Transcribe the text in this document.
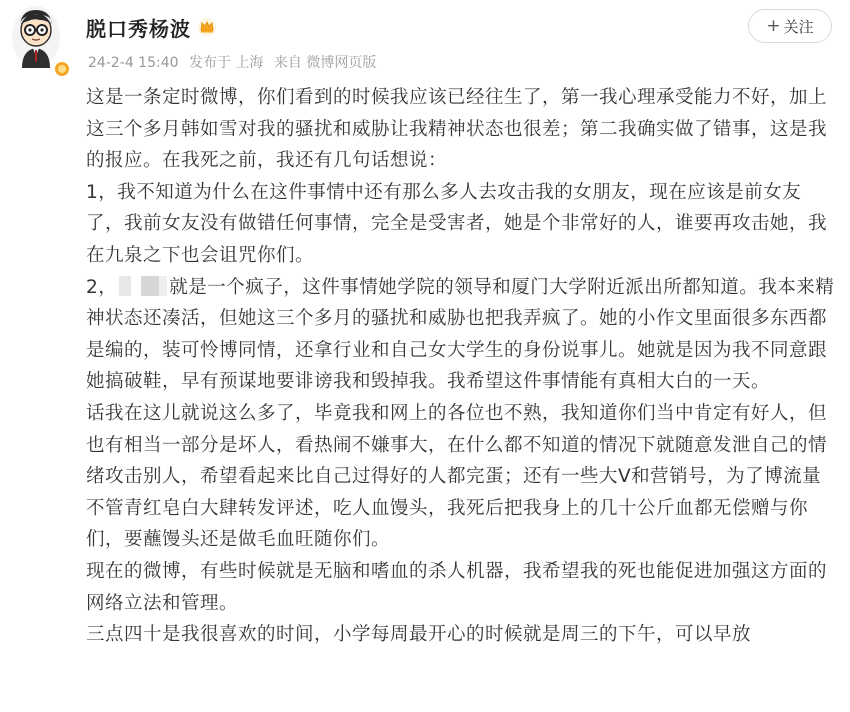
脱口秀杨波
24-2-4 15:40 发布于 上海 来自 微博网页版
+ 关注

这是一条定时微博，你们看到的时候我应该已经往生了，第一我心理承受能力不好，加上这三个多月韩如雪对我的骚扰和威胁让我精神状态也很差；第二我确实做了错事，这是我的报应。在我死之前，我还有几句话想说：

1，我不知道为什么在这件事情中还有那么多人去攻击我的女朋友，现在应该是前女友了，我前女友没有做错任何事情，完全是受害者，她是个非常好的人，谁要再攻击她，我在九泉之下也会诅咒你们。

2，	就是一个疯子，这件事情她学院的领导和厦门大学附近派出所都知道。我本来精神状态还凑活，但她这三个多月的骚扰和威胁也把我弄疯了。她的小作文里面很多东西都是编的，装可怜博同情，还拿行业和自己女大学生的身份说事儿。她就是因为我不同意跟她搞破鞋，早有预谋地要诽谤我和毁掉我。我希望这件事情能有真相大白的一天。

话我在这儿就说这么多了，毕竟我和网上的各位也不熟，我知道你们当中肯定有好人，但也有相当一部分是坏人，看热闹不嫌事大，在什么都不知道的情况下就随意发泄自己的情绪攻击别人，希望看起来比自己过得好的人都完蛋；还有一些大V和营销号，为了博流量不管青红皂白大肆转发评述，吃人血馒头，我死后把我身上的几十公斤血都无偿赠与你们，要蘸馒头还是做毛血旺随你们。

现在的微博，有些时候就是无脑和嗜血的杀人机器，我希望我的死也能促进加强这方面的网络立法和管理。

三点四十是我很喜欢的时间，小学每周最开心的时候就是周三的下午，可以早放
